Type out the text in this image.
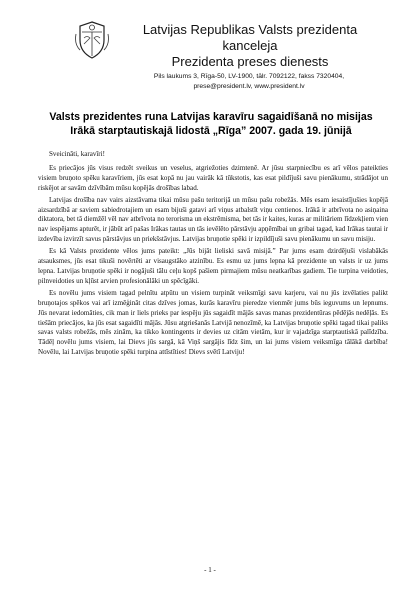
Latvijas Republikas Valsts prezidenta kanceleja
Prezidenta preses dienests
Pils laukums 3, Rīga-50, LV-1900, tālr. 7092122, fakss 7320404,
prese@president.lv, www.president.lv
Valsts prezidentes runa Latvijas karavīru sagaidīšanā no misijas Irākā starptautiskajā lidostā „Rīga” 2007. gada 19. jūnijā

Sveicināti, karavīri!

Es priecājos jūs visus redzēt sveikus un veselus, atgriežoties dzimtenē. Ar jūsu starpniecību es arī vēlos pateikties visiem bruņoto spēku karavīriem, jūs esat kopā nu jau vairāk kā tūkstotis, kas esat pildījuši savu pienākumu, strādājot un riskējot ar savām dzīvībām mūsu kopējās drošības labad.

Latvijas drošība nav vairs aizstāvama tikai mūsu pašu teritorijā un mūsu pašu robežās. Mēs esam iesaistījušies kopējā aizsardzībā ar saviem sabiedrotajiem un esam bijuši gatavi arī viņus atbalstīt viņu centienos. Irākā ir atbrīvota no asiņaina diktatora, bet tā diemžēl vēl nav atbrīvota no terorisma un ekstrēmisma, bet tās ir kaites, kuras ar militāriem līdzekļiem vien nav iespējams apturēt, ir jābūt arī pašas Irākas tautas un tās ievēlēto pārstāvju apņēmībai un gribai tagad, kad Irākas tautai ir izdevība izvirzīt savus pārstāvjus un priekšstāvjus. Latvijas bruņotie spēki ir izpildījuši savu pienākumu un savu misiju.

Es kā Valsts prezidente vēlos jums pateikt: „Jūs bijāt lieliski savā misijā.” Par jums esam dzirdējuši vislabākās atsauksmes, jūs esat tikuši novērtēti ar visaugstāko atzinību. Es esmu uz jums lepna kā prezidente un valsts ir uz jums lepna. Latvijas bruņotie spēki ir nogājuši tālu ceļu kopš pašiem pirmajiem mūsu neatkarības gadiem. Tie turpina veidoties, pilnveidoties un kļūst arvien profesionālāki un spēcīgāki.

Es novēlu jums visiem tagad pelnītu atpūtu un visiem turpināt veiksmīgi savu karjeru, vai nu jūs izvēlaties palikt bruņotajos spēkos vai arī izmēģināt citas dzīves jomas, kurās karavīru pieredze vienmēr jums būs ieguvums un lepnums. Jūs nevarat iedomāties, cik man ir liels prieks par iespēju jūs sagaidīt mājās savas manas prezidentūras pēdējās nedēļās. Es tiešām priecājos, ka jūs esat sagaidīti mājās. Jūsu atgriešanās Latvijā nenozīmē, ka Latvijas bruņotie spēki tagad tikai paliks savas valsts robežās, mēs zinām, ka tikko kontingents ir devies uz citām vietām, kur ir vajadzīga starptautiskā palīdzība. Tādēļ novēlu jums visiem, lai Dievs jūs sargā, kā Viņš sargājis līdz šim, un lai jums visiem veiksmīga tālākā darbība! Novēlu, lai Latvijas bruņotie spēki turpina attīstīties! Dievs svētī Latviju!

- 1 -
